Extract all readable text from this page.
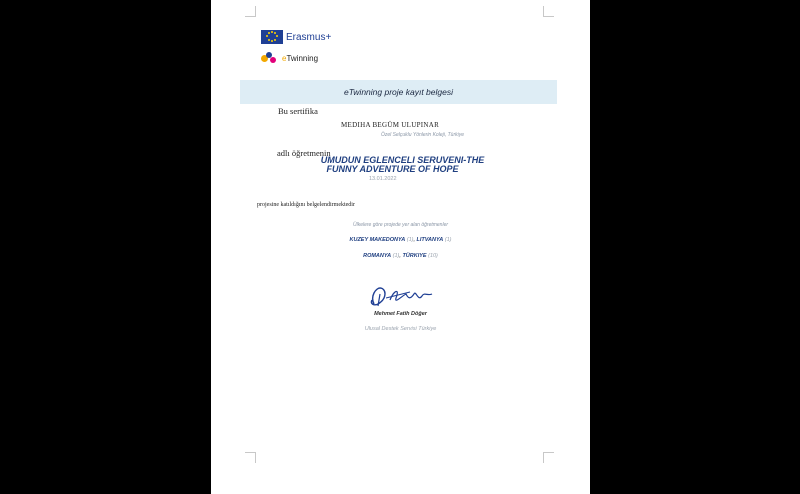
Erasmus+
eTwinning
eTwinning proje kayıt belgesi
Bu sertifika
MEDIHA BEGÜM ULUPINAR
Özel Selçuklu Yönlerin Koleji, Türkiye
adlı öğretmenin
UMUDUN EGLENCELI SERUVENI-THE
FUNNY ADVENTURE OF HOPE
13.01.2022
projesine katıldığını belgelendirmektedir
Ülkelere göre projede yer alan öğretmenler
KUZEY MAKEDONYA (1), LITVANYA (1)
ROMANYA (1), TÜRKIYE (10)
Mehmet Fatih Döğer
Ulusal Destek Servisi Türkiye
